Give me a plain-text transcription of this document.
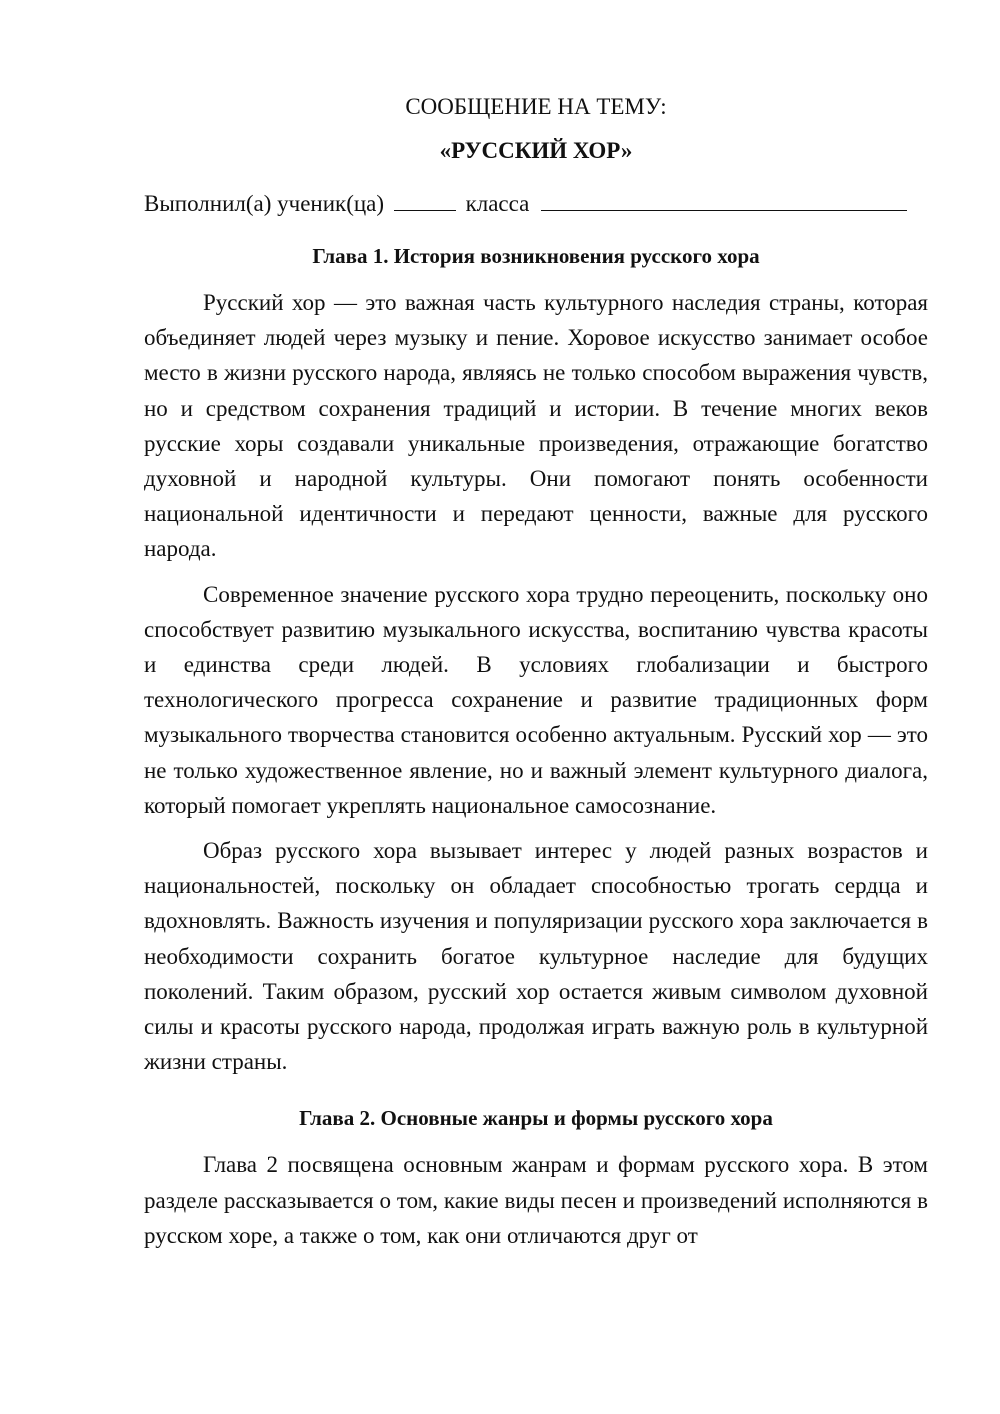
СООБЩЕНИЕ НА ТЕМУ:
«РУССКИЙ ХОР»
Выполнил(а) ученик(ца)	класса
Глава 1. История возникновения русского хора

Русский хор — это важная часть культурного наследия страны, которая объединяет людей через музыку и пение. Хоровое искусство занимает особое место в жизни русского народа, являясь не только способом выражения чувств, но и средством сохранения традиций и истории. В течение многих веков русские хоры создавали уникальные произведения, отражающие богатство духовной и народной культуры. Они помогают понять особенности национальной идентичности и передают ценности, важные для русского народа.

Современное значение русского хора трудно переоценить, поскольку оно способствует развитию музыкального искусства, воспитанию чувства красоты и единства среди людей. В условиях глобализации и быстрого технологического прогресса сохранение и развитие традиционных форм музыкального творчества становится особенно актуальным. Русский хор — это не только художественное явление, но и важный элемент культурного диалога, который помогает укреплять национальное самосознание.

Образ русского хора вызывает интерес у людей разных возрастов и национальностей, поскольку он обладает способностью трогать сердца и вдохновлять. Важность изучения и популяризации русского хора заключается в необходимости сохранить богатое культурное наследие для будущих поколений. Таким образом, русский хор остается живым символом духовной силы и красоты русского народа, продолжая играть важную роль в культурной жизни страны.

Глава 2. Основные жанры и формы русского хора

Глава 2 посвящена основным жанрам и формам русского хора. В этом разделе рассказывается о том, какие виды песен и произведений исполняются в русском хоре, а также о том, как они отличаются друг от
